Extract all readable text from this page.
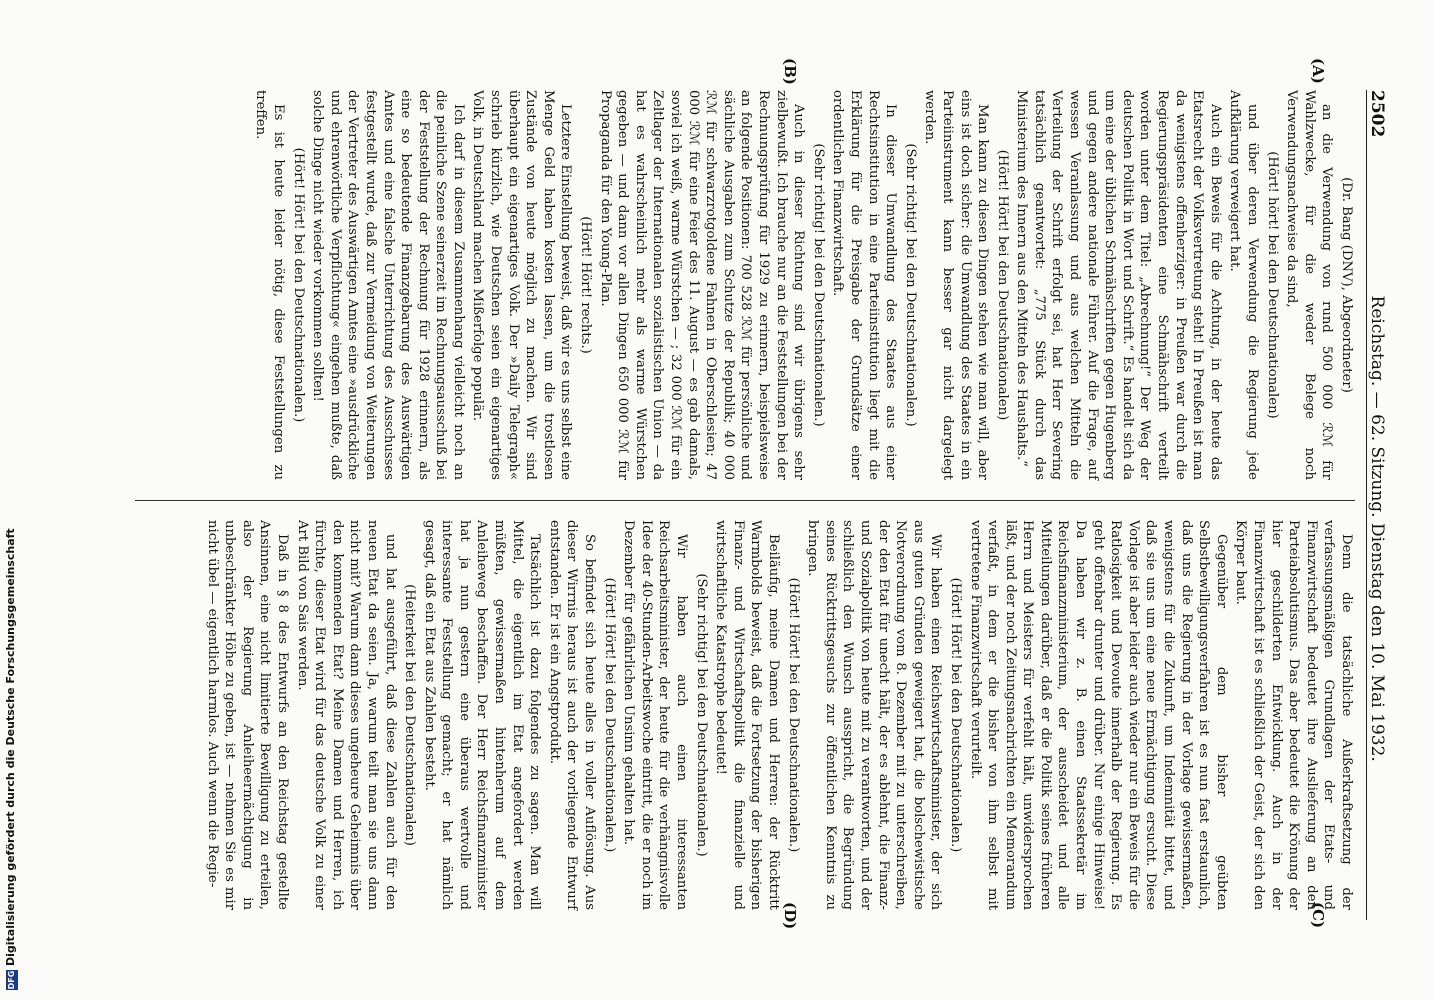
2502
Reichstag. — 62. Sitzung. Dienstag den 10. Mai 1932.
(A)
(B)
(C)
(D)

(Dr. Bang (DNV), Abgeordneter)

an die Verwendung von rund 500 000 ℛℳ für Wahlzwecke, für die weder Belege noch Verwendungsnachweise da sind,

(Hört! hört! bei den Deutschnationalen)

und über deren Verwendung die Regierung jede Aufklärung verweigert hat.

Auch ein Beweis für die Achtung, in der heute das Etatsrecht der Volksvertretung steht! In Preußen ist man da wenigstens offenherziger: in Preußen war durch die Regierungspräsidenten eine Schmähschrift verteilt worden unter dem Titel: „Abrechnung!“ Der Weg der deutschen Politik in Wort und Schrift.“ Es handelt sich da um eine der üblichen Schmähschriften gegen Hugenberg und gegen andere nationale Führer. Auf die Frage, auf wessen Veranlassung und aus welchen Mitteln die Verteilung der Schrift erfolgt sei, hat Herr Severing tatsächlich geantwortet: „775 Stück durch das Ministerium des Innern aus den Mitteln des Haushalts.“

(Hört! Hört! bei den Deutschnationalen)

Man kann zu diesen Dingen stehen wie man will, aber eins ist doch sicher: die Umwandlung des Staates in ein Parteiinstrument kann besser gar nicht dargelegt werden.

(Sehr richtig! bei den Deutschnationalen.)

In dieser Umwandlung des Staates aus einer Rechtsinstitution in eine Parteiinstitution liegt mit die Erklärung für die Preisgabe der Grundsätze einer ordentlichen Finanzwirtschaft.

(Sehr richtig! bei den Deutschnationalen.)

Auch in dieser Richtung sind wir übrigens sehr zielbewußt. Ich brauche nur an die Feststellungen bei der Rechnungsprüfung für 1929 zu erinnern, beispielsweise an folgende Positionen: 700 528 ℛℳ für persönliche und sächliche Ausgaben zum Schutze der Republik; 40 000 ℛℳ für schwarzrotgoldene Fahnen in Oberschlesien; 47 000 ℛℳ für eine Feier des 11. August — es gab damals, soviel ich weiß, warme Würstchen — ; 32 000 ℛℳ für ein Zeltlager der Internationalen sozialistischen Union — da hat es wahrscheinlich mehr als warme Würstchen gegeben — und dann vor allen Dingen 650 000 ℛℳ für Propaganda für den Young-Plan.

(Hört! Hört! rechts.)

Letztere Einstellung beweist, daß wir es uns selbst eine Menge Geld haben kosten lassen, um die trostlosen Zustände von heute möglich zu machen. Wir sind überhaupt ein eigenartiges Volk. Der »Daily Telegraph« schrieb kürzlich, wie Deutschen seien ein eigenartiges Volk, in Deutschland machen Mißerfolge populär.

Ich darf in diesem Zusammenhang vielleicht noch an die peinliche Szene seinerzeit im Rechnungsausschuß bei der Feststellung der Rechnung für 1928 erinnern, als eine so bedeutende Finanzgebarung des Auswärtigen Amtes und eine falsche Unterrichtung des Ausschusses festgestellt wurde, daß zur Vermeidung von Weiterungen der Vertreter des Auswärtigen Amtes eine »ausdrückliche und ehrenwörtliche Verpflichtung« eingehen mußte, daß solche Dinge nicht wieder vorkommen sollten!

(Hört! Hört! bei den Deutschnationalen.)

Es ist heute leider nötig, diese Feststellungen zu treffen.

Denn die tatsächliche Außerkraftsetzung der verfassungsmäßigen Grundlagen der Etats- und Finanzwirtschaft bedeutet ihre Auslieferung an den Parteiabsolutismus. Das aber bedeutet die Krönung der hier geschilderten Entwicklung. Auch in der Finanzwirtschaft ist es schließlich der Geist, der sich den Körper baut.

Gegenüber dem bisher geübten Selbstbewilligungsverfahren ist es nun fast erstaunlich, daß uns die Regierung in der Vorlage gewissermaßen, wenigstens für die Zukunft, um Indemnität bittet, und daß sie uns um eine neue Ermächtigung ersucht. Diese Vorlage ist aber leider auch wieder nur ein Beweis für die Ratlosigkeit und Devoute innerhalb der Regierung. Es geht offenbar drunter und drüber. Nur einige Hinweise! Da haben wir z. B. einen Staatssekretär im Reichsfinanzministerium, der ausscheidet und alle Mitteilungen darüber, daß er die Politik seines früheren Herrn und Meisters für verfehlt hält, unwidersprochen läßt, und der noch Zeitungsnachrichten ein Memorandum verfaßt, in dem er die bisher von ihm selbst mit vertretene Finanzwirtschaft verurteilt.

(Hört! Hört! bei den Deutschnationalen.)

Wir haben einen Reichswirtschaftsminister, der sich aus guten Gründen geweigert hat, die bolschewistische Notverordnung vom 8. Dezember mit zu unterschreiben, der den Etat für unecht hält, der es ablehnt, die Finanz- und Sozialpolitik von heute mit zu verantworten, und der schließlich den Wunsch ausspricht, die Begründung seines Rücktrittsgesuchs zur öffentlichen Kenntnis zu bringen.

(Hört! Hört! bei den Deutschnationalen.)

Beiläufig, meine Damen und Herren: der Rücktritt Warmbolds beweist, daß die Fortsetzung der bisherigen Finanz- und Wirtschaftspolitik die finanzielle und wirtschaftliche Katastrophe bedeutet!

(Sehr richtig! bei den Deutschnationalen.)

Wir haben auch einen interessanten Reichsarbeitsminister, der heute für die verhängnisvolle Idee der 40-Stunden-Arbeitswoche eintritt, die er noch im Dezember für gefährlichen Unsinn gehalten hat.

(Hört! Hört! bei den Deutschnationalen.)

So befindet sich heute alles in voller Auflösung. Aus dieser Wirrnis heraus ist auch der vorliegende Entwurf entstanden. Er ist ein Angstprodukt.

Tatsächlich ist dazu folgendes zu sagen. Man will Mittel, die eigentlich im Etat angefordert werden müßten, gewissermaßen hintenherum auf dem Anleiheweg beschaffen. Der Herr Reichsfinanzminister hat ja nun gestern eine überaus wertvolle und interessante Feststellung gemacht; er hat nämlich gesagt, daß ein Etat aus Zahlen besteht.

(Heiterkeit bei den Deutschnationalen)

und hat ausgeführt, daß diese Zahlen auch für den neuen Etat da seien. Ja, warum teilt man sie uns dann nicht mit? Warum dann dieses ungeheure Geheimnis über den kommenden Etat? Meine Damen und Herren, ich fürchte, dieser Etat wird für das deutsche Volk zu einer Art Bild von Sais werden.

Daß in § 8 des Entwurfs an den Reichstag gestellte Ansinnen, eine nicht limitierte Bewilligung zu erteilen, also der Regierung Anleiheermächtigung in unbeschränkter Höhe zu geben, ist — nehmen Sie es mir nicht übel — eigentlich harmlos. Auch wenn die Regie-

DFGDigitalisierung gefördert durch die Deutsche Forschungsgemeinschaft
